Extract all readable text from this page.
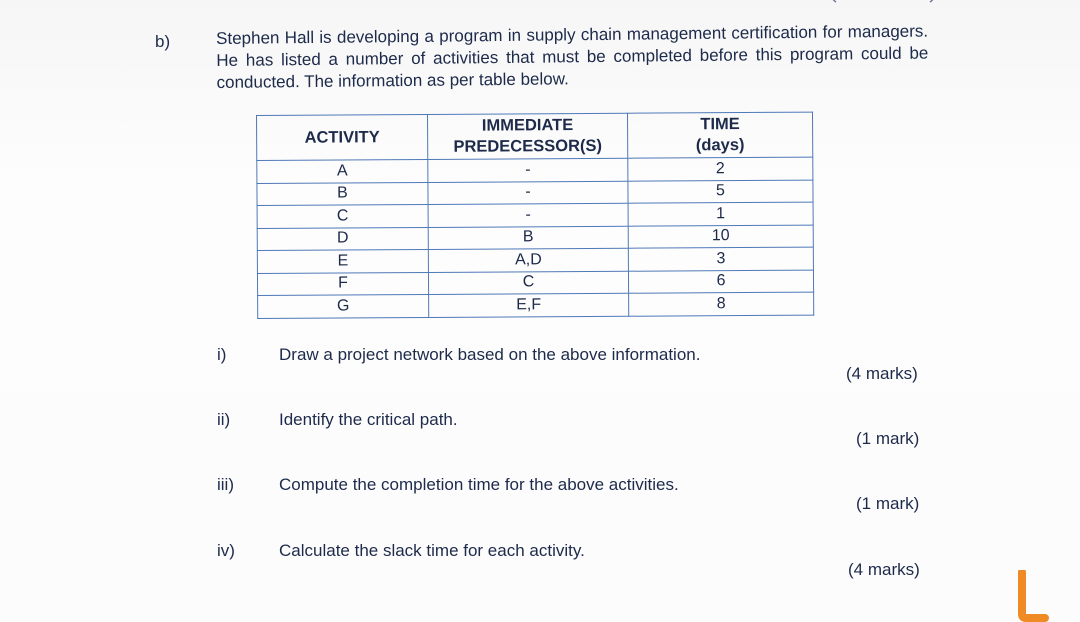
b)	Stephen Hall is developing a program in supply chain management certification for managers. He has listed a number of activities that must be completed before this program could be conducted. The information as per table below.
ACTIVITY	IMMEDIATE PREDECESSOR(S)	TIME (days)
A	-	2
B	-	5
C	-	1
D	B	10
E	A,D	3
F	C	6
G	E,F	8
i)	Draw a project network based on the above information.
(4 marks)
ii)	Identify the critical path.
(1 mark)
iii)	Compute the completion time for the above activities.
(1 mark)
iv)	Calculate the slack time for each activity.
(4 marks)
